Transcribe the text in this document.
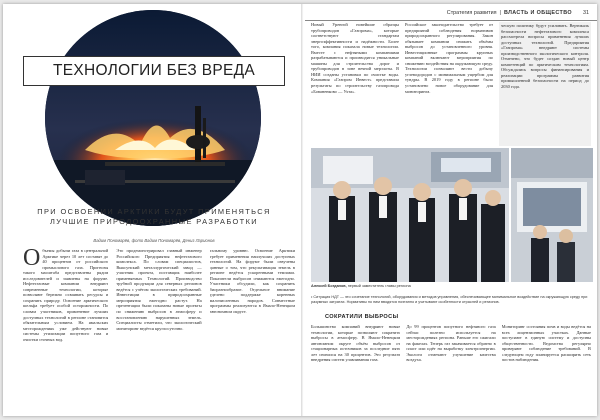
ТЕХНОЛОГИИ БЕЗ ВРЕДА
ПРИ ОСВОЕНИИ АРКТИКИ БУДУТ ПРИМЕНЯТЬСЯ ЛУЧШИЕ ПРИРОДООХРАННЫЕ РАЗРАБОТКИ
Вадим Пономарёв, фото Вадим Пономарёв, Дениз Ларионов
Объемы добычи газа в центральной Арктике через 10 лет составят до 40 процентов от российского промыслового газа. Прогнозы такого масштаба представлены рядом исследователей и заявлены на форуме. Нефтегазовые компании внедряют современные технологии, которые позволяют бережно осваивать ресурсы и сохранять природу. Освоение арктического шельфа требует особой осторожности. По словам участников, применение лучших доступных технологий в регионе становится обязательным условием. На ямальских месторождениях уже действуют новые системы утилизации попутного газа и очистки сточных вод.
Это продемонстрировал главный инженер Российского Предприятия нефтегазового комплекса. По словам специалистов, Выксунский металлургический завод — участник проекта, поставщик наиболее применяемых Технологий. Производство трубной продукции для северных регионов ведётся с учётом экологических требований. Инвестиции в природоохранные мероприятия ежегодно растут. На презентации были показаны новые проекты по снижению выбросов в атмосферу и восстановлению нарушенных земель. Специалисты отметили, что экологический мониторинг ведётся круглосуточно.
тальному уровню. Освоение Арктики требует применения наилучших доступных технологий. На форуме были озвучены данные о том, что рекультивация земель в регионе ведётся ускоренными темпами. Показатели выбросов снижаются ежегодно. Участники обсудили, как сохранить биоразнообразие. Отдельное внимание уделено поддержке коренных малочисленных народов. Совместные программы реализуются в Ямало-Ненецком автономном округе.
Стратегия развития | ВЛАСТЬ И ОБЩЕСТВО 31
Новый Уренгой новейшие образцы трубопроводов «Газпрома», которые соответствуют стандартам энергоэффективности и надёжности. Более того, компания показала новые технологии. Вместе с нефтяными компаниями разрабатываются и производятся уникальные машины для строительства дорог и трубопроводов в зоне вечной мерзлоты. В НИИ созданы установки по очистке воды. Компания «Газпром Инвест» представила результаты по строительству газопровода «Бованенково — Ухта».
Российское законодательство требует от предприятий соблюдения нормативов природоохранного регулирования. Закон обязывает компании снижать объёмы выбросов до установленного уровня. Инвестиционные программы крупных компаний включают мероприятия по снижению воздействия на окружающую среду. Технологии позволяют вести добычу углеводородов с минимальным ущербом для тундры. В 2019 году в регионе было установлено новое оборудование для мониторинга.
ческую политику будут усиливать. Вертикаль безопасности нефтегазового комплекса рассмотрела вопросы применения лучших доступных технологий. Предприятия «Газпрома» внедряют системы производственного экологического контроля. Отмечено, что будет создан новый центр компетенций по арктическим технологиям. Обсуждались вопросы финансирования и реализации программы развития промышленной безопасности на период до 2030 года.
Алексей Богданов, первый заместитель главы региона
• Ситуация НДТ — это сочетание технологий, оборудования и методов управления, обеспечивающее минимальное воздействие на окружающую среду при разумных затратах. Нормативы по ним вводятся поэтапно и учитывают особенности отраслей и регионов.
СОКРАТИЛИ ВЫБРОСЫ
Большинство компаний внедряют новые технологии, которые позволяют сократить выбросы в атмосферу. В Ямало-Ненецком автономном округе объём выбросов от стационарных источников за последние пять лет снизился на 30 процентов. Это результат внедрения систем улавливания газа.
До 99 процентов попутного нефтяного газа сейчас полезно используется на месторождениях региона. Раньше его сжигали на факелах. Теперь газ закачивается обратно в пласт или идёт на выработку электроэнергии. Экологи отмечают улучшение качества воздуха.
Мониторинг состояния почв и воды ведётся на всех лицензионных участках. Данные поступают в единую систему и доступны общественности. Ведомства регулярно проверяют соблюдение требований. В следующем году планируется расширить сеть постов наблюдения.
